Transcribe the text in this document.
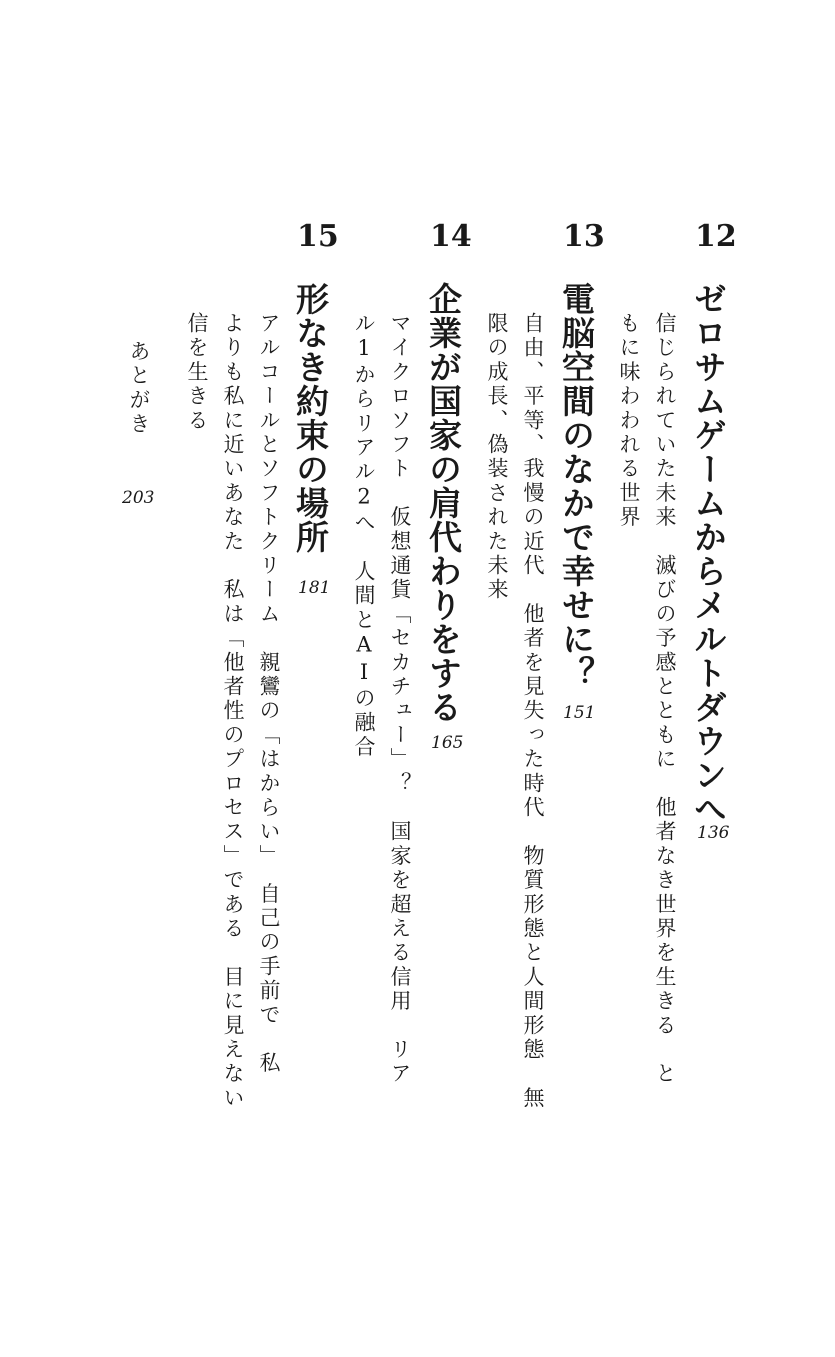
12
ゼロサムゲームからメルトダウンへ
信じられていた未来　滅びの予感とともに　他者なき世界を生きる　と
もに味わわれる世界
136
13
電脳空間のなかで幸せに？
自由、平等、我慢の近代　他者を見失った時代　物質形態と人間形態　無
限の成長、偽装された未来
151
14
企業が国家の肩代わりをする
マイクロソフト　仮想通貨「セカチュー」？　国家を超える信用　リア
ル1からリアル2へ　人間とAIの融合	165
15
形なき約束の場所
アルコールとソフトクリーム　親鸞の「はからい」　自己の手前で　私
よりも私に近いあなた　私は「他者性のプロセス」である　目に見えない
信を生きる
181
あとがき
203
